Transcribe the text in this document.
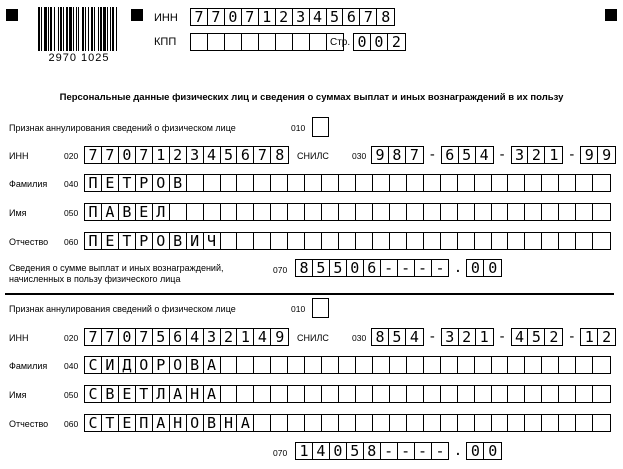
2970 1025
ИНН 7 7 0 7 1 2 3 4 5 6 7 8
КПП	Стр. 0 0 2
Персональные данные физических лиц и сведения о суммах выплат и иных вознаграждений в их пользу
Признак аннулирования сведений о физическом лице	010
ИНН	020 7 7 0 7 1 2 3 4 5 6 7 8	СНИЛС	030 9 8 7 - 6 5 4 - 3 2 1 - 9 9
Фамилия 040 П Е Т Р О В
Имя	050 П А В Е Л
Отчество 060 П Е Т Р О В И Ч
Сведения о сумме выплат и иных вознаграждений,
начисленных в пользу физического лица
070 8 5 5 0 6 - - - - . 0 0
Признак аннулирования сведений о физическом лице	010
ИНН	020 7 7 0 7 5 6 4 3 2 1 4 9	СНИЛС	030 8 5 4 - 3 2 1 - 4 5 2 - 1 2
Фамилия 040 С И Д О Р О В А
Имя	050 С В Е Т Л А Н А
Отчество 060 С Т Е П А Н О В Н А
070 1 4 0 5 8 - - - - . 0 0
